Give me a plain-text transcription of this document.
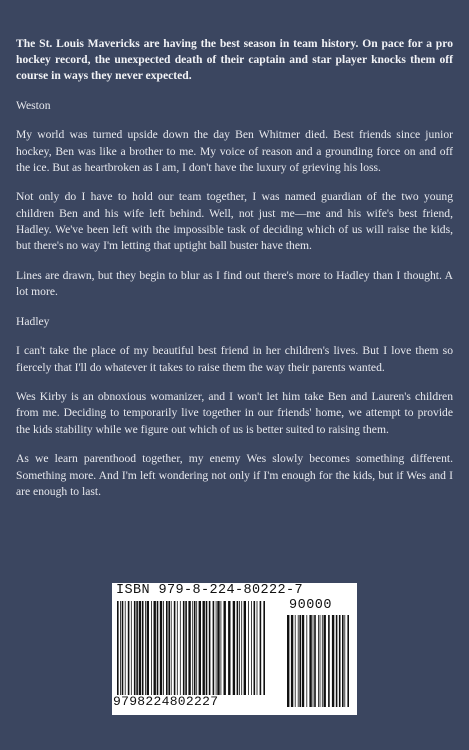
The St. Louis Mavericks are having the best season in team history. On pace for a pro hockey record, the unexpected death of their captain and star player knocks them off course in ways they never expected.

Weston

My world was turned upside down the day Ben Whitmer died. Best friends since junior hockey, Ben was like a brother to me. My voice of reason and a grounding force on and off the ice. But as heartbroken as I am, I don't have the luxury of grieving his loss.

Not only do I have to hold our team together, I was named guardian of the two young children Ben and his wife left behind. Well, not just me—me and his wife's best friend, Hadley. We've been left with the impossible task of deciding which of us will raise the kids, but there's no way I'm letting that uptight ball buster have them.

Lines are drawn, but they begin to blur as I find out there's more to Hadley than I thought. A lot more.

Hadley

I can't take the place of my beautiful best friend in her children's lives. But I love them so fiercely that I'll do whatever it takes to raise them the way their parents wanted.

Wes Kirby is an obnoxious womanizer, and I won't let him take Ben and Lauren's children from me. Deciding to temporarily live together in our friends' home, we attempt to provide the kids stability while we figure out which of us is better suited to raising them.

As we learn parenthood together, my enemy Wes slowly becomes something different. Something more. And I'm left wondering not only if I'm enough for the kids, but if Wes and I are enough to last.

ISBN 979-8-224-80222-7
9798224802227
90000
